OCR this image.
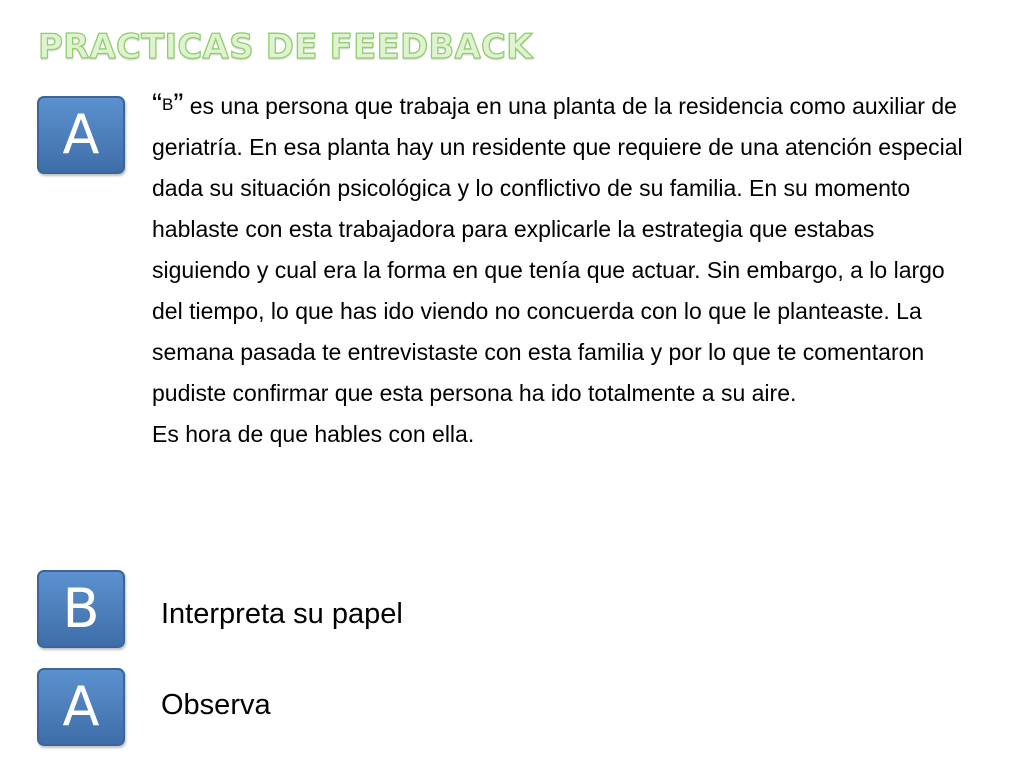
PRACTICAS DE FEEDBACK
A	“B” es una persona que trabaja en una planta de la residencia como auxiliar de geriatría. En esa planta hay un residente que requiere de una atención especial dada su situación psicológica y lo conflictivo de su familia. En su momento hablaste con esta trabajadora para explicarle la estrategia que estabas siguiendo y cual era la forma en que tenía que actuar. Sin embargo, a lo largo del tiempo, lo que has ido viendo no concuerda con lo que le planteaste. La semana pasada te entrevistaste con esta familia y por lo que te comentaron pudiste confirmar que esta persona ha ido totalmente a su aire.
Es hora de que hables con ella.

B	Interpreta su papel
A	Observa
